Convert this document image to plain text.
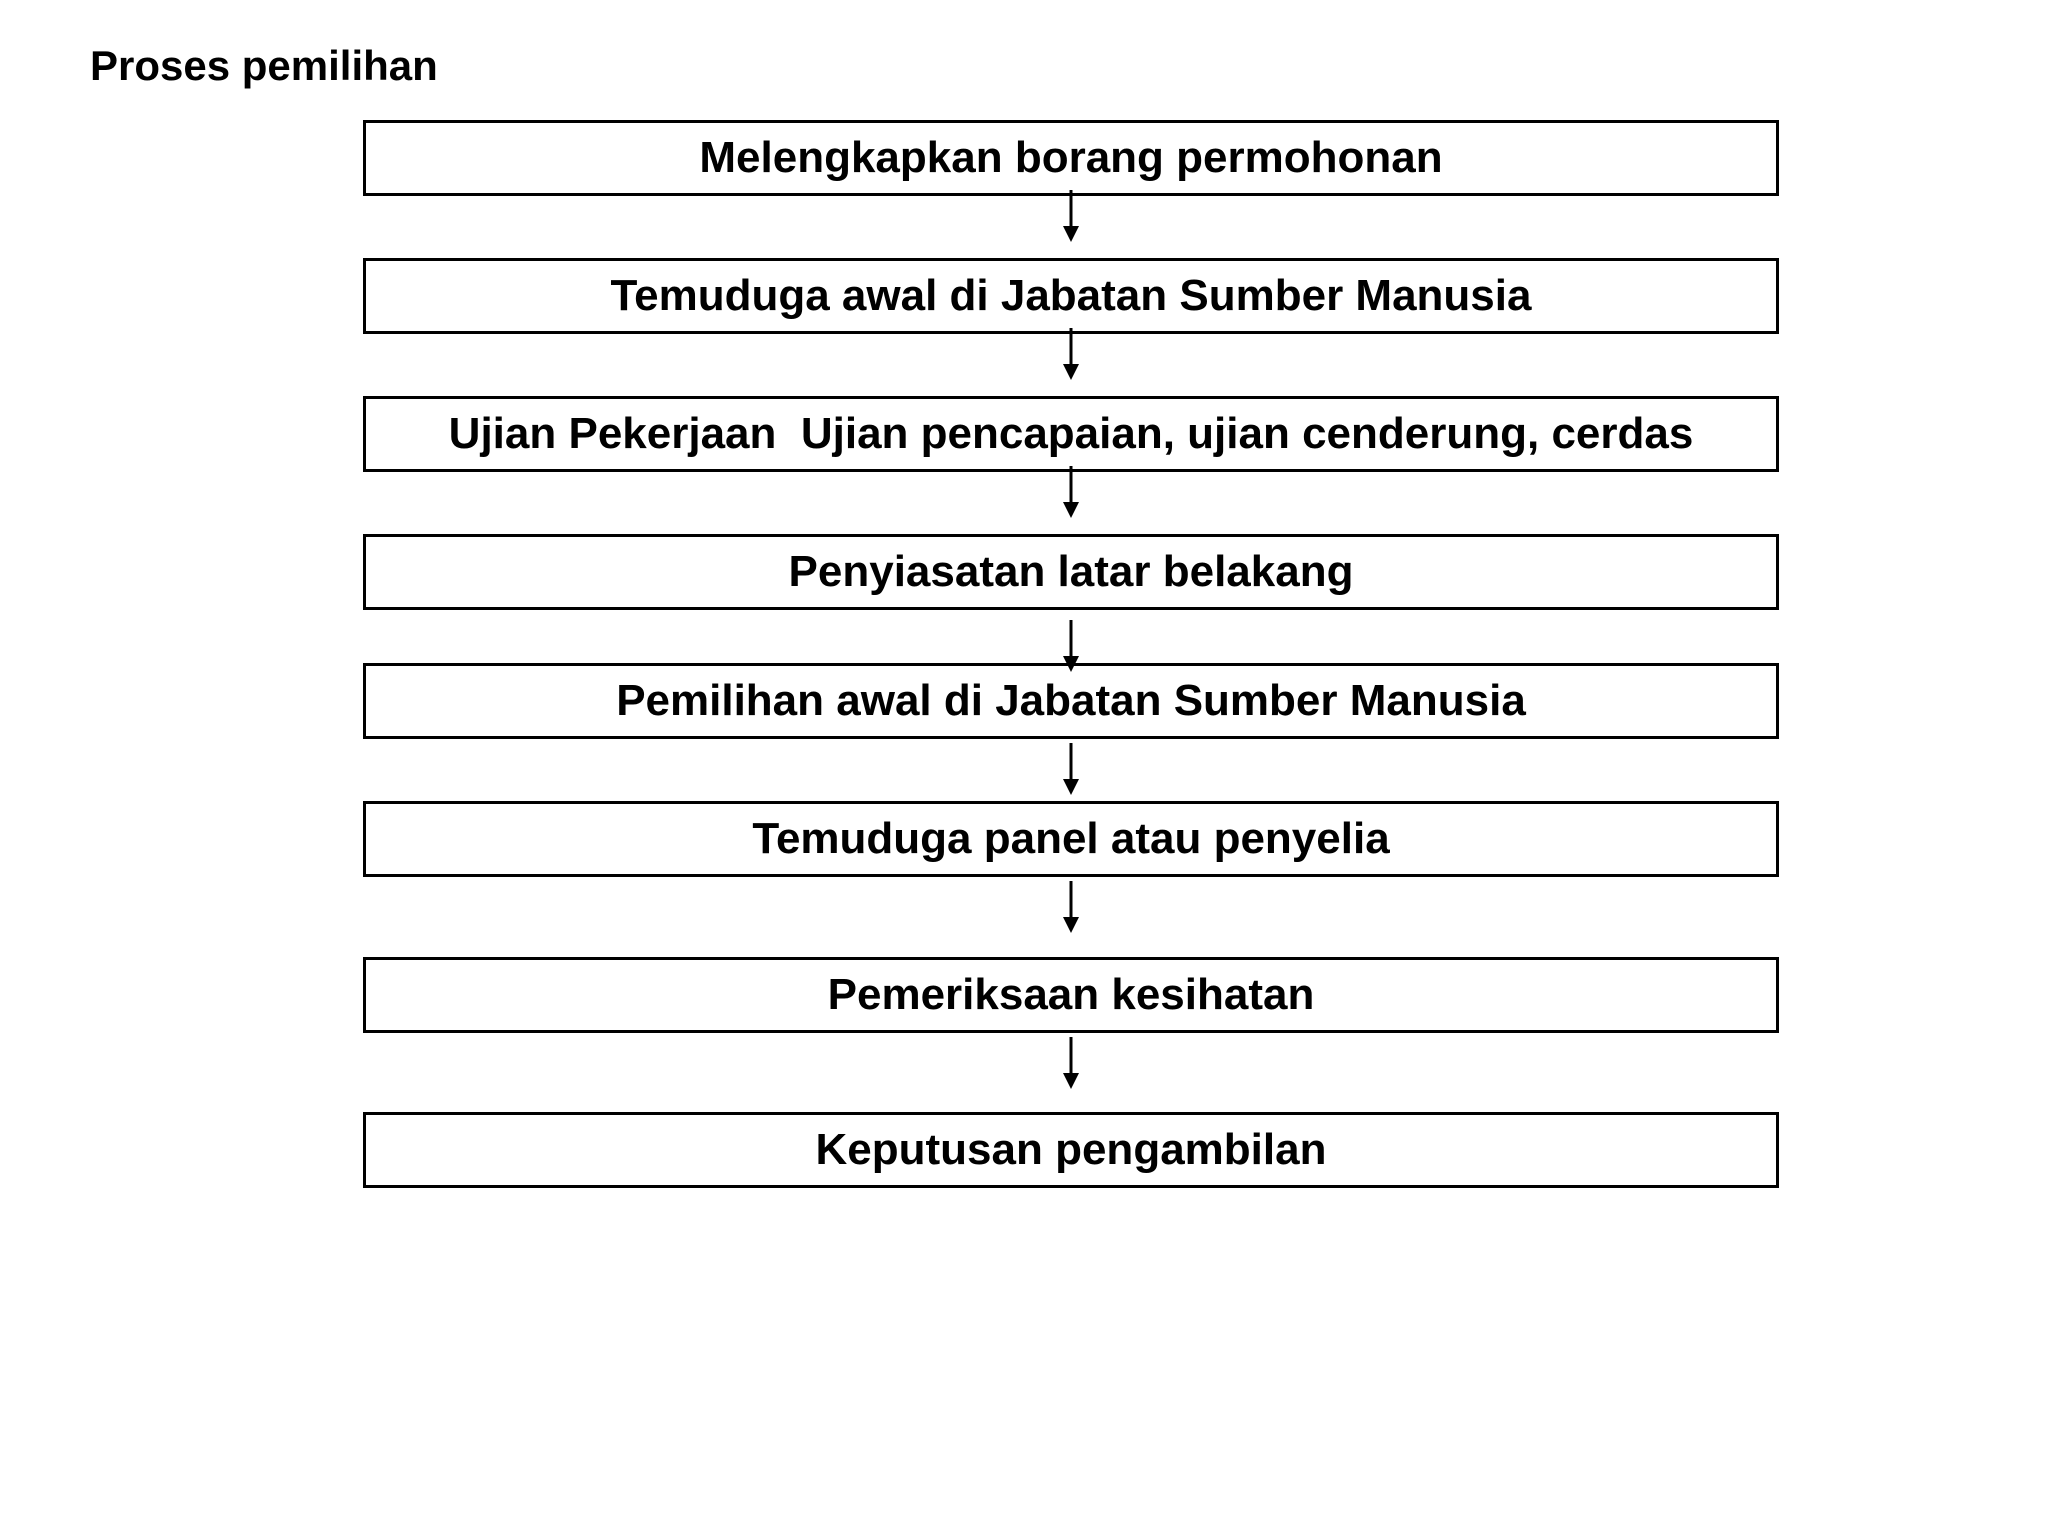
Proses pemilihan
Melengkapkan borang permohonan
Temuduga awal di Jabatan Sumber Manusia
Ujian Pekerjaan  Ujian pencapaian, ujian cenderung, cerdas
Penyiasatan latar belakang
Pemilihan awal di Jabatan Sumber Manusia
Temuduga panel atau penyelia
Pemeriksaan kesihatan
Keputusan pengambilan
